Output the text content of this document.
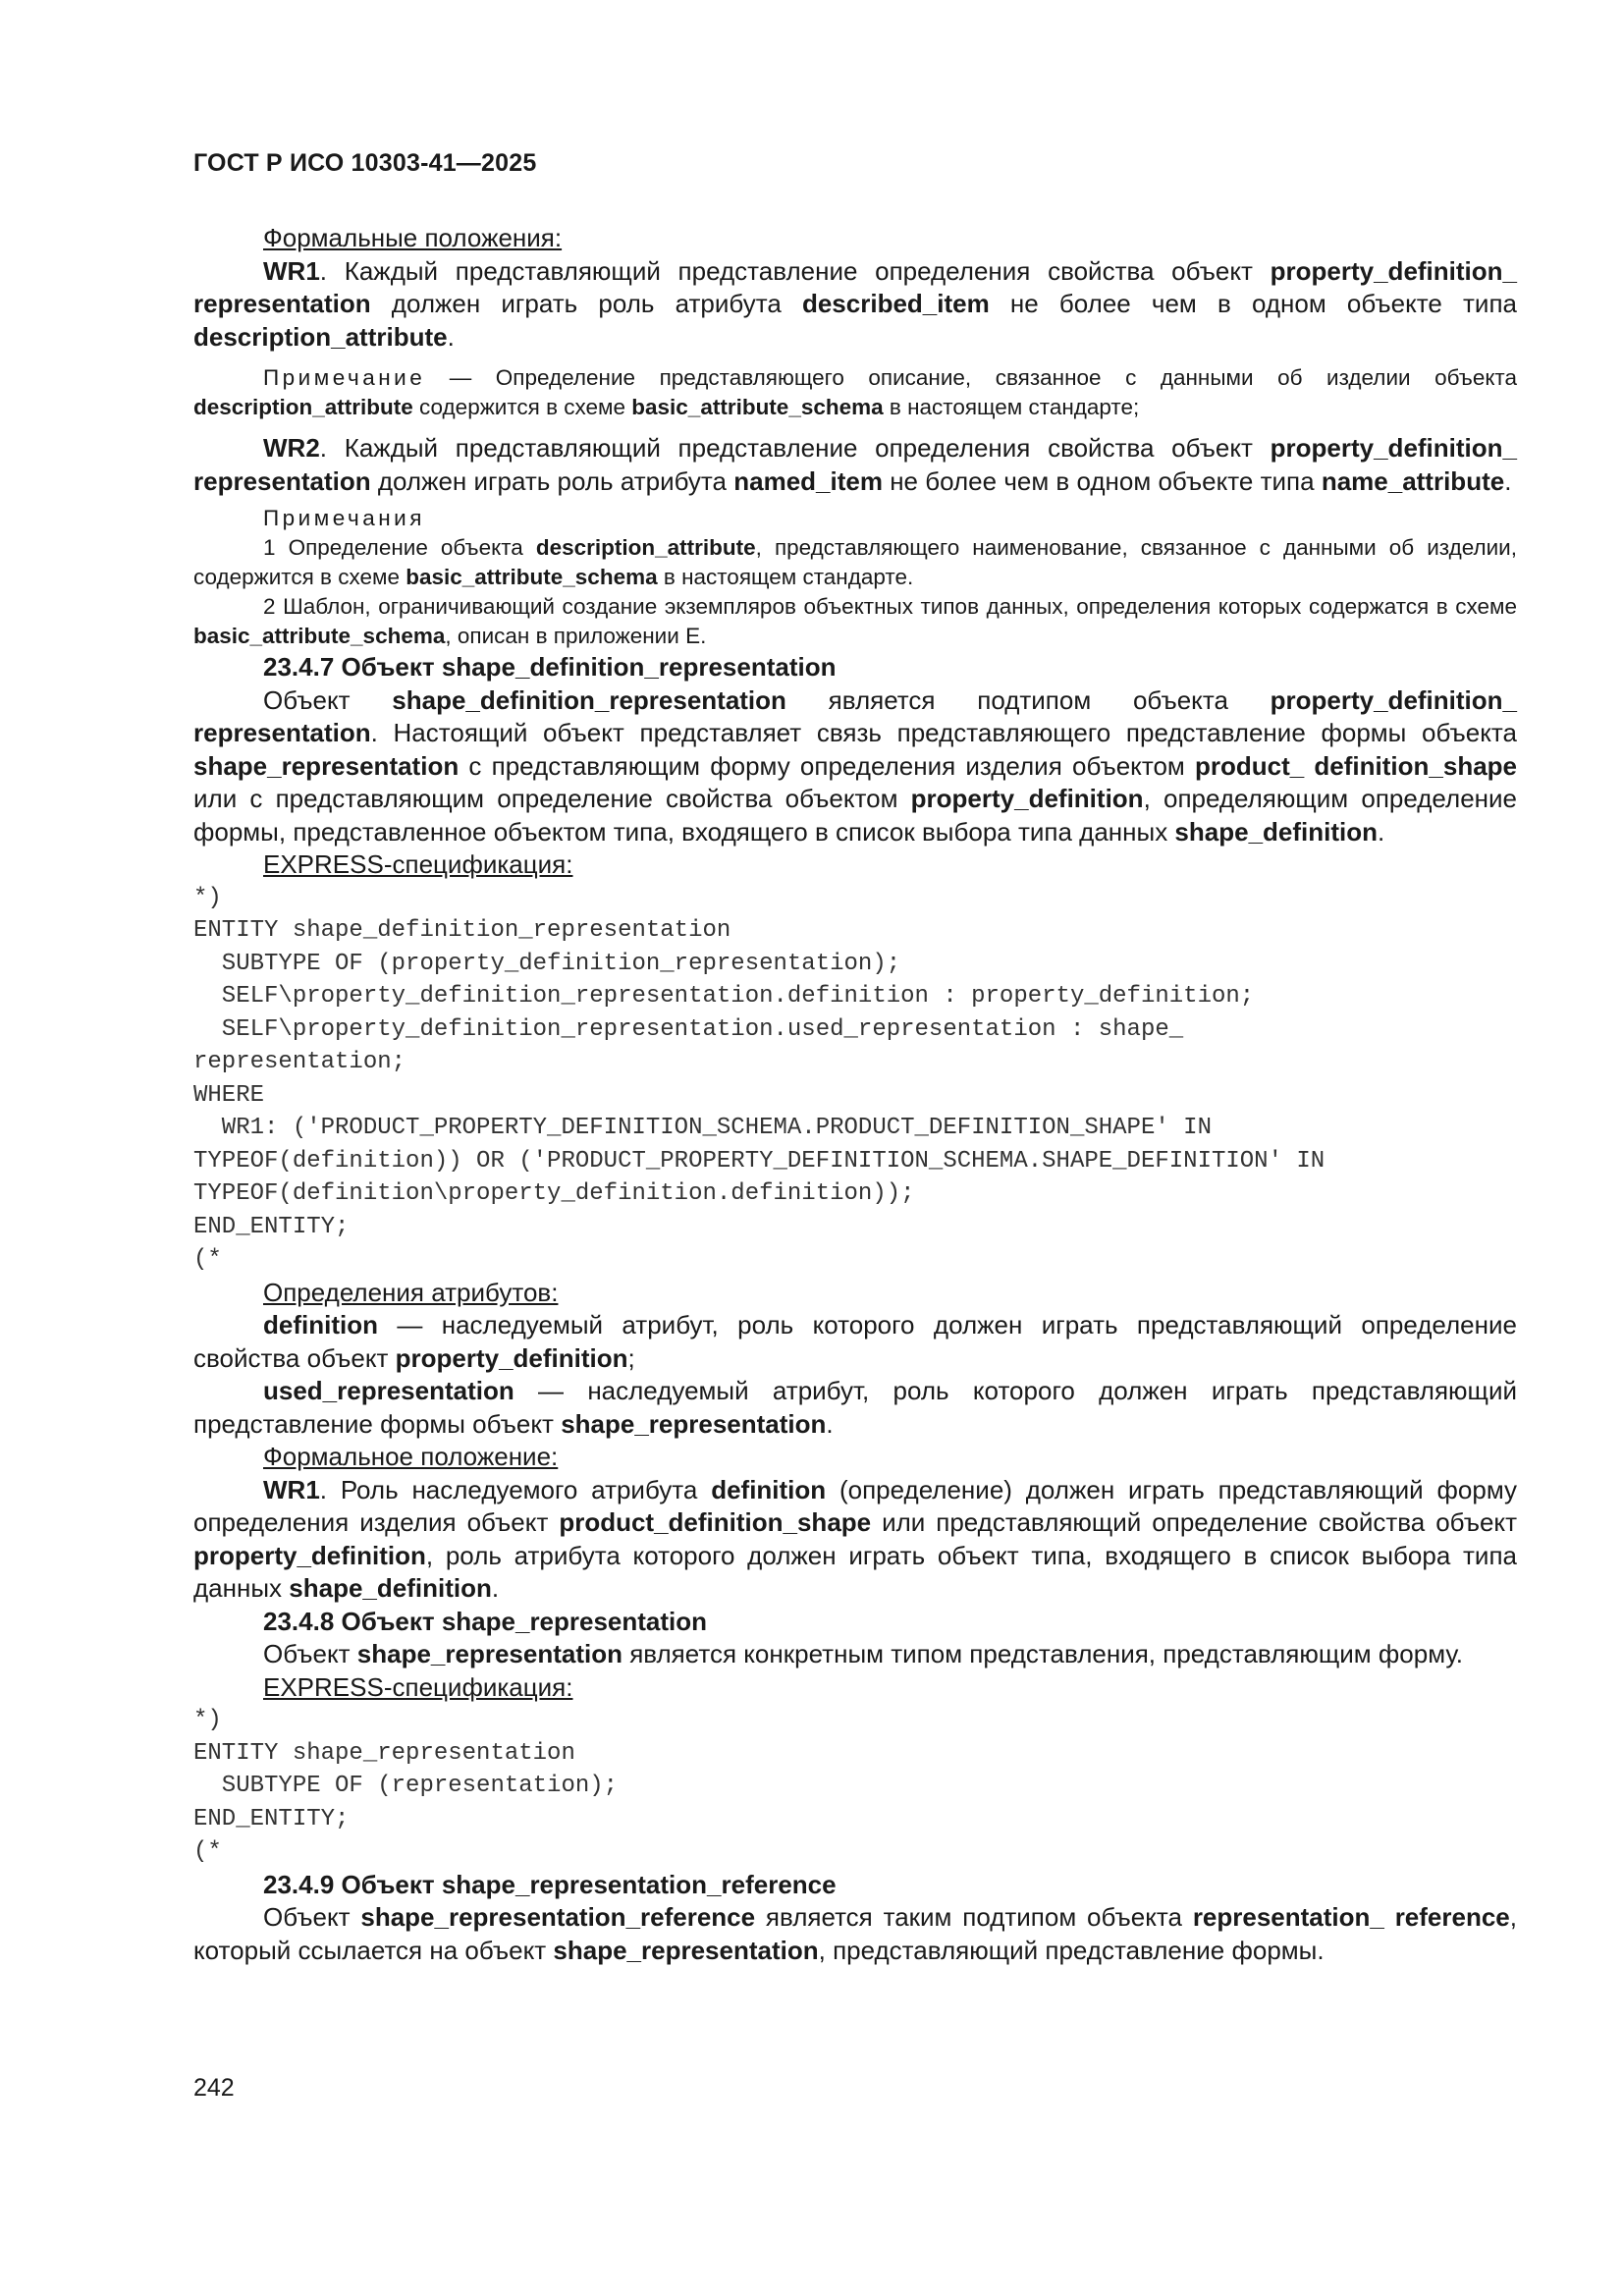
ГОСТ Р ИСО 10303-41—2025

Формальные положения:

WR1. Каждый представляющий представление определения свойства объект property_definition_ representation должен играть роль атрибута described_item не более чем в одном объекте типа description_attribute.

Примечание — Определение представляющего описание, связанное с данными об изделии объекта description_attribute содержится в схеме basic_attribute_schema в настоящем стандарте;

WR2. Каждый представляющий представление определения свойства объект property_definition_ representation должен играть роль атрибута named_item не более чем в одном объекте типа name_attribute.

Примечания

1 Определение объекта description_attribute, представляющего наименование, связанное с данными об изделии, содержится в схеме basic_attribute_schema в настоящем стандарте.

2 Шаблон, ограничивающий создание экземпляров объектных типов данных, определения которых содержатся в схеме basic_attribute_schema, описан в приложении Е.

23.4.7 Объект shape_definition_representation

Объект shape_definition_representation является подтипом объекта property_definition_ representation. Настоящий объект представляет связь представляющего представление формы объекта shape_representation с представляющим форму определения изделия объектом product_ definition_shape или с представляющим определение свойства объектом property_definition, определяющим определение формы, представленное объектом типа, входящего в список выбора типа данных shape_definition.

EXPRESS-спецификация:

*)
ENTITY shape_definition_representation
SUBTYPE OF (property_definition_representation);
SELF\property_definition_representation.definition : property_definition;
SELF\property_definition_representation.used_representation : shape_
representation;
WHERE
WR1: ('PRODUCT_PROPERTY_DEFINITION_SCHEMA.PRODUCT_DEFINITION_SHAPE' IN
TYPEOF(definition)) OR ('PRODUCT_PROPERTY_DEFINITION_SCHEMA.SHAPE_DEFINITION' IN
TYPEOF(definition\property_definition.definition));
END_ENTITY;
(*

Определения атрибутов:

definition — наследуемый атрибут, роль которого должен играть представляющий определение свойства объект property_definition;

used_representation — наследуемый атрибут, роль которого должен играть представляющий представление формы объект shape_representation.

Формальное положение:

WR1. Роль наследуемого атрибута definition (определение) должен играть представляющий форму определения изделия объект product_definition_shape или представляющий определение свойства объект property_definition, роль атрибута которого должен играть объект типа, входящего в список выбора типа данных shape_definition.

23.4.8 Объект shape_representation

Объект shape_representation является конкретным типом представления, представляющим форму.

EXPRESS-спецификация:

*)
ENTITY shape_representation
SUBTYPE OF (representation);
END_ENTITY;
(*

23.4.9 Объект shape_representation_reference

Объект shape_representation_reference является таким подтипом объекта representation_ reference, который ссылается на объект shape_representation, представляющий представление формы.

242
